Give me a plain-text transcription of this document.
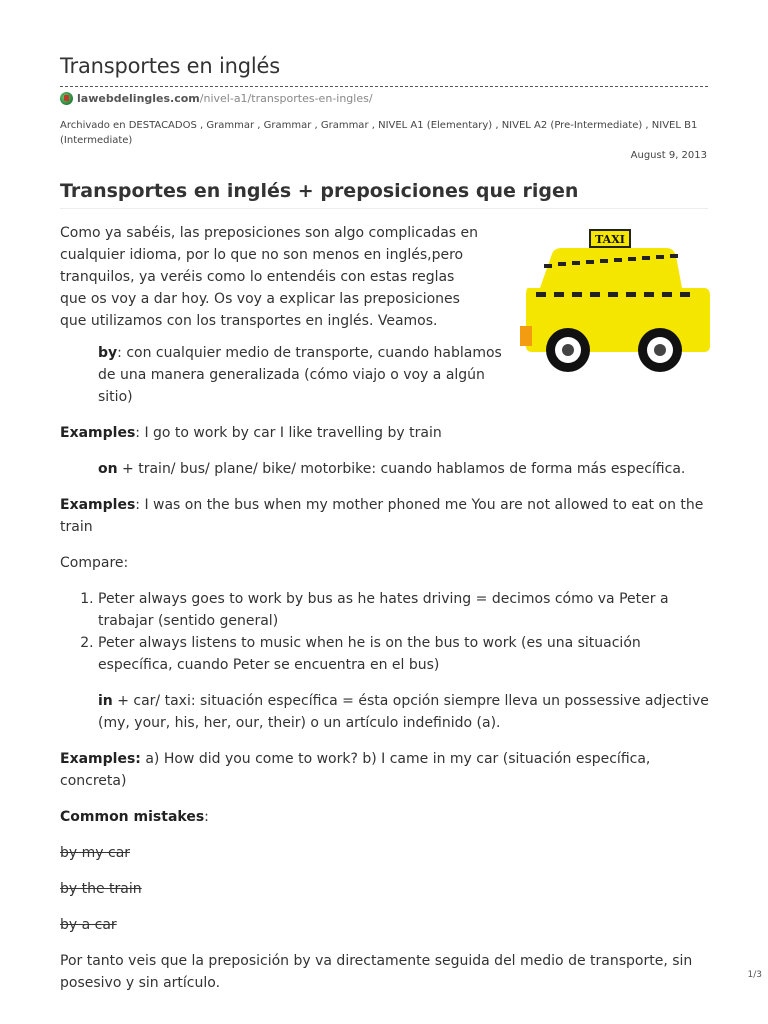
Transportes en inglés
lawebdelingles.com /nivel-a1/transportes-en-ingles/
Archivado en DESTACADOS , Grammar , Grammar , Grammar , NIVEL A1 (Elementary) , NIVEL A2 (Pre-Intermediate) , NIVEL B1 (Intermediate)
August 9, 2013
Transportes en inglés + preposiciones que rigen
TAXI

Como ya sabéis, las preposiciones son algo complicadas en cualquier idioma, por lo que no son menos en inglés,pero tranquilos, ya veréis como lo entendéis con estas reglas que os voy a dar hoy. Os voy a explicar las preposiciones que utilizamos con los transportes en inglés. Veamos.

by: con cualquier medio de transporte, cuando hablamos de una manera generalizada (cómo viajo o voy a algún sitio)

Examples: I go to work by car I like travelling by train

on + train/ bus/ plane/ bike/ motorbike: cuando hablamos de forma más específica.

Examples: I was on the bus when my mother phoned me You are not allowed to eat on the train

Compare:

1. Peter always goes to work by bus as he hates driving = decimos cómo va Peter a trabajar (sentido general)
2. Peter always listens to music when he is on the bus to work (es una situación específica, cuando Peter se encuentra en el bus)

in + car/ taxi: situación específica = ésta opción siempre lleva un possessive adjective (my, your, his, her, our, their) o un artículo indefinido (a).

Examples: a) How did you come to work? b) I came in my car (situación específica, concreta)

Common mistakes:

by my car

by the train

by a car

Por tanto veis que la preposición by va directamente seguida del medio de transporte, sin posesivo y sin artículo.	1/3
